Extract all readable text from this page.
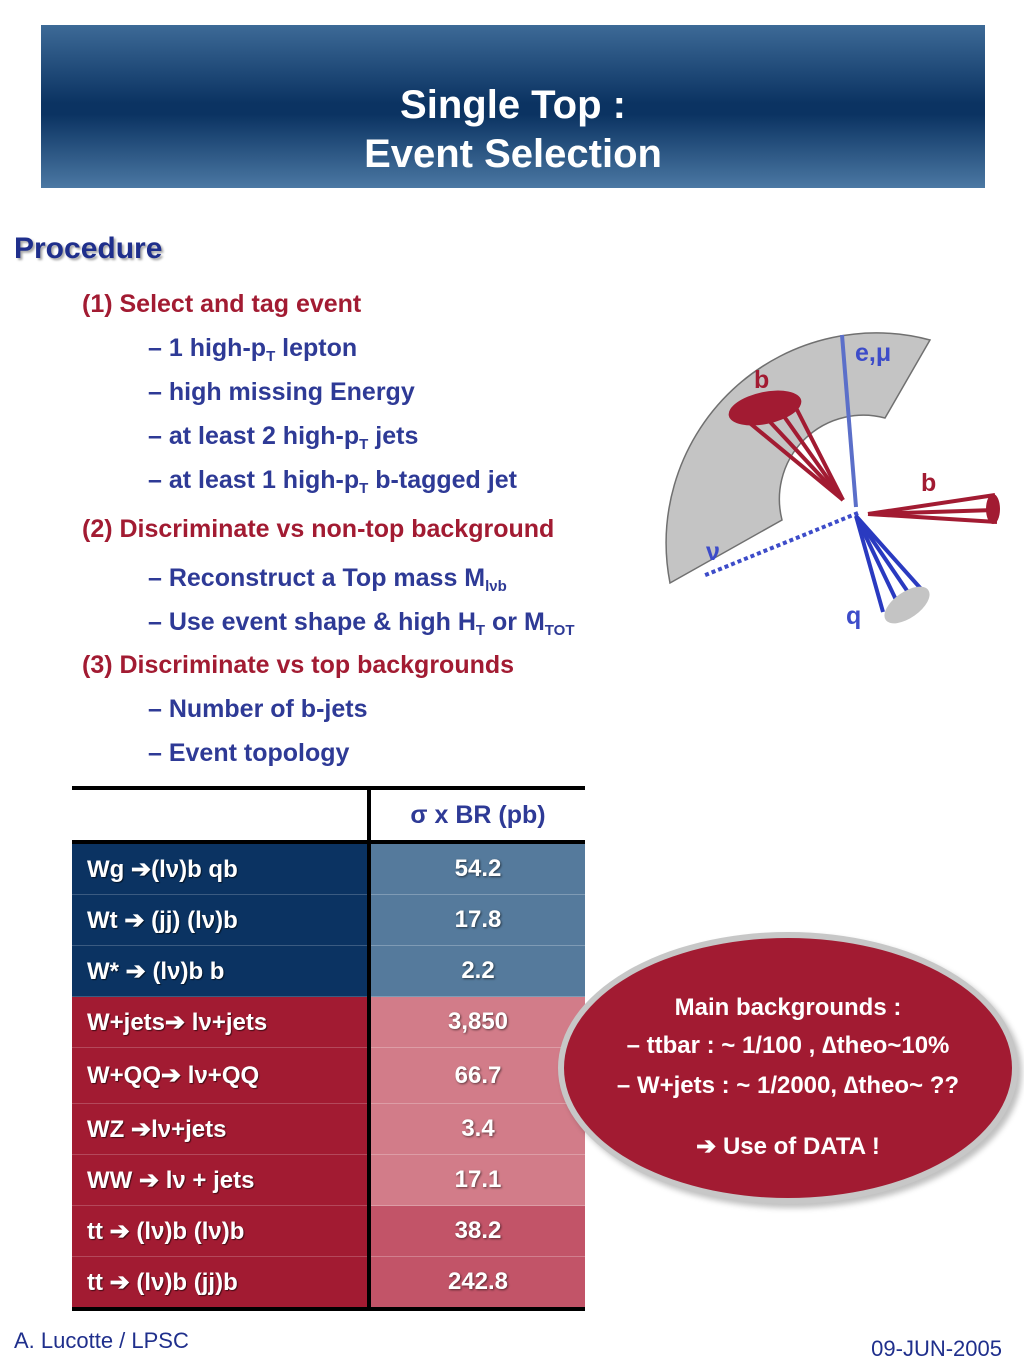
Single Top :
Event Selection
Procedure
(1) Select and tag event
– 1 high-$p_T$ lepton
– high missing Energy
– at least 2 high-$p_T$ jets
– at least 1 high-$p_T$ b-tagged jet
(2) Discriminate vs non-top background
– Reconstruct a Top mass $M_{l\nu b}$
– Use event shape & high $H_T$ or $M_{TOT}$
(3) Discriminate vs top backgrounds
– Number of b-jets
– Event topology
e,μ
b
b
ν
q
	σ x BR (pb)
Wg ➔(lν)b qb	54.2
Wt ➔ (jj) (lν)b	17.8
W* ➔ (lν)b b	2.2
W+jets➔ lν+jets	3,850
W+QQ➔ lν+QQ	66.7
WZ ➔lν+jets	3.4
WW ➔ lν + jets	17.1
tt ➔ (lν)b (lν)b	38.2
tt ➔ (lν)b (jj)b	242.8
Main backgrounds :
– ttbar : ~ 1/100 , ∆theo~10%
– W+jets : ~ 1/2000, ∆theo~ ??
➔ Use of DATA !
A. Lucotte / LPSC	09-JUN-2005
